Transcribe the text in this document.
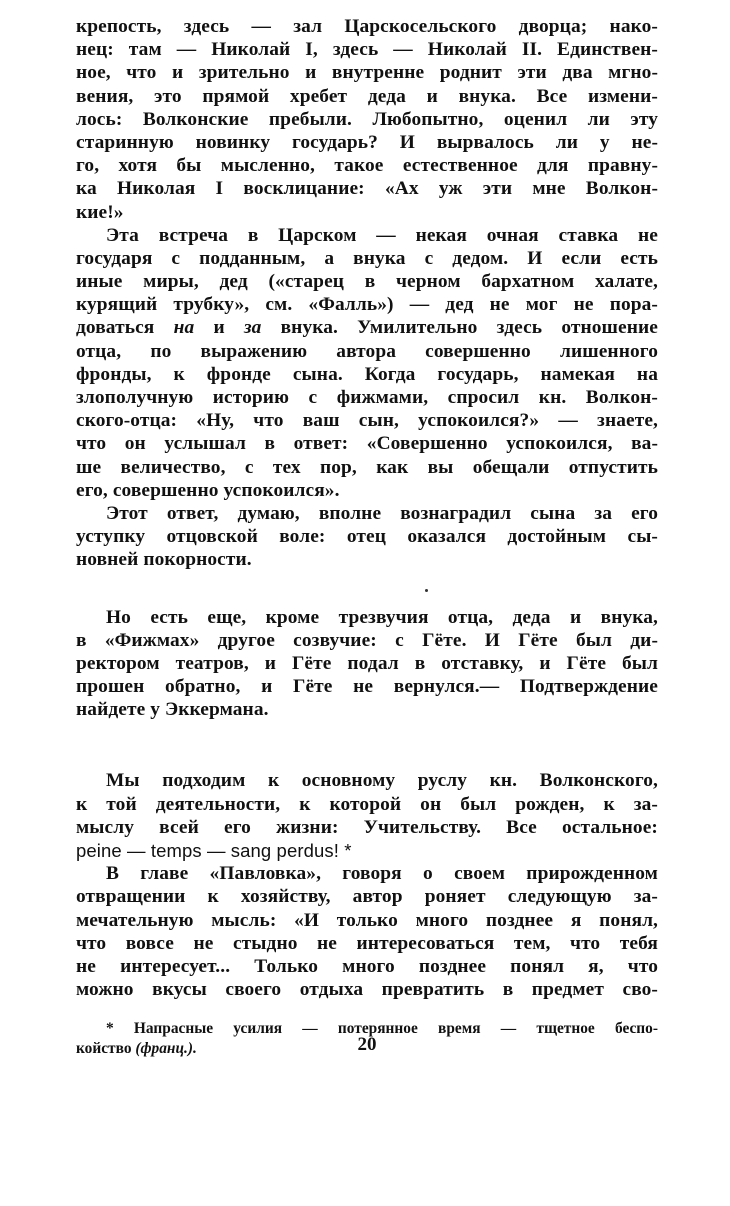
крепость, здесь — зал Царскосельского дворца; нако-
нец: там — Николай I, здесь — Николай II. Единствен-
ное, что и зрительно и внутренне роднит эти два мгно-
вения, это прямой хребет деда и внука. Все измени-
лось: Волконские пребыли. Любопытно, оценил ли эту
старинную новинку государь? И вырвалось ли у не-
го, хотя бы мысленно, такое естественное для правну-
ка Николая I восклицание: «Ах уж эти мне Волкон-
кие!»
Эта встреча в Царском — некая очная ставка не
государя с подданным, а внука с дедом. И если есть
иные миры, дед («старец в черном бархатном халате,
курящий трубку», см. «Фалль») — дед не мог не пора-
доваться на и за внука. Умилительно здесь отношение
отца, по выражению автора совершенно лишенного
фронды, к фронде сына. Когда государь, намекая на
злополучную историю с фижмами, спросил кн. Волкон-
ского-отца: «Ну, что ваш сын, успокоился?» — знаете,
что он услышал в ответ: «Совершенно успокоился, ва-
ше величество, с тех пор, как вы обещали отпустить
его, совершенно успокоился».
Этот ответ, думаю, вполне вознаградил сына за его
уступку отцовской воле: отец оказался достойным сы-
новней покорности.
Но есть еще, кроме трезвучия отца, деда и внука,
в «Фижмах» другое созвучие: с Гёте. И Гёте был ди-
ректором театров, и Гёте подал в отставку, и Гёте был
прошен обратно, и Гёте не вернулся.— Подтверждение
найдете у Эккермана.
Мы подходим к основному руслу кн. Волконского,
к той деятельности, к которой он был рожден, к за-
мыслу всей его жизни: Учительству. Все остальное:
peine — temps — sang perdus! *
В главе «Павловка», говоря о своем прирожденном
отвращении к хозяйству, автор роняет следующую за-
мечательную мысль: «И только много позднее я понял,
что вовсе не стыдно не интересоваться тем, что тебя
не интересует... Только много позднее понял я, что
можно вкусы своего отдыха превратить в предмет сво-
* Напрасные усилия — потерянное время — тщетное беспо-
койство (франц.).	20
